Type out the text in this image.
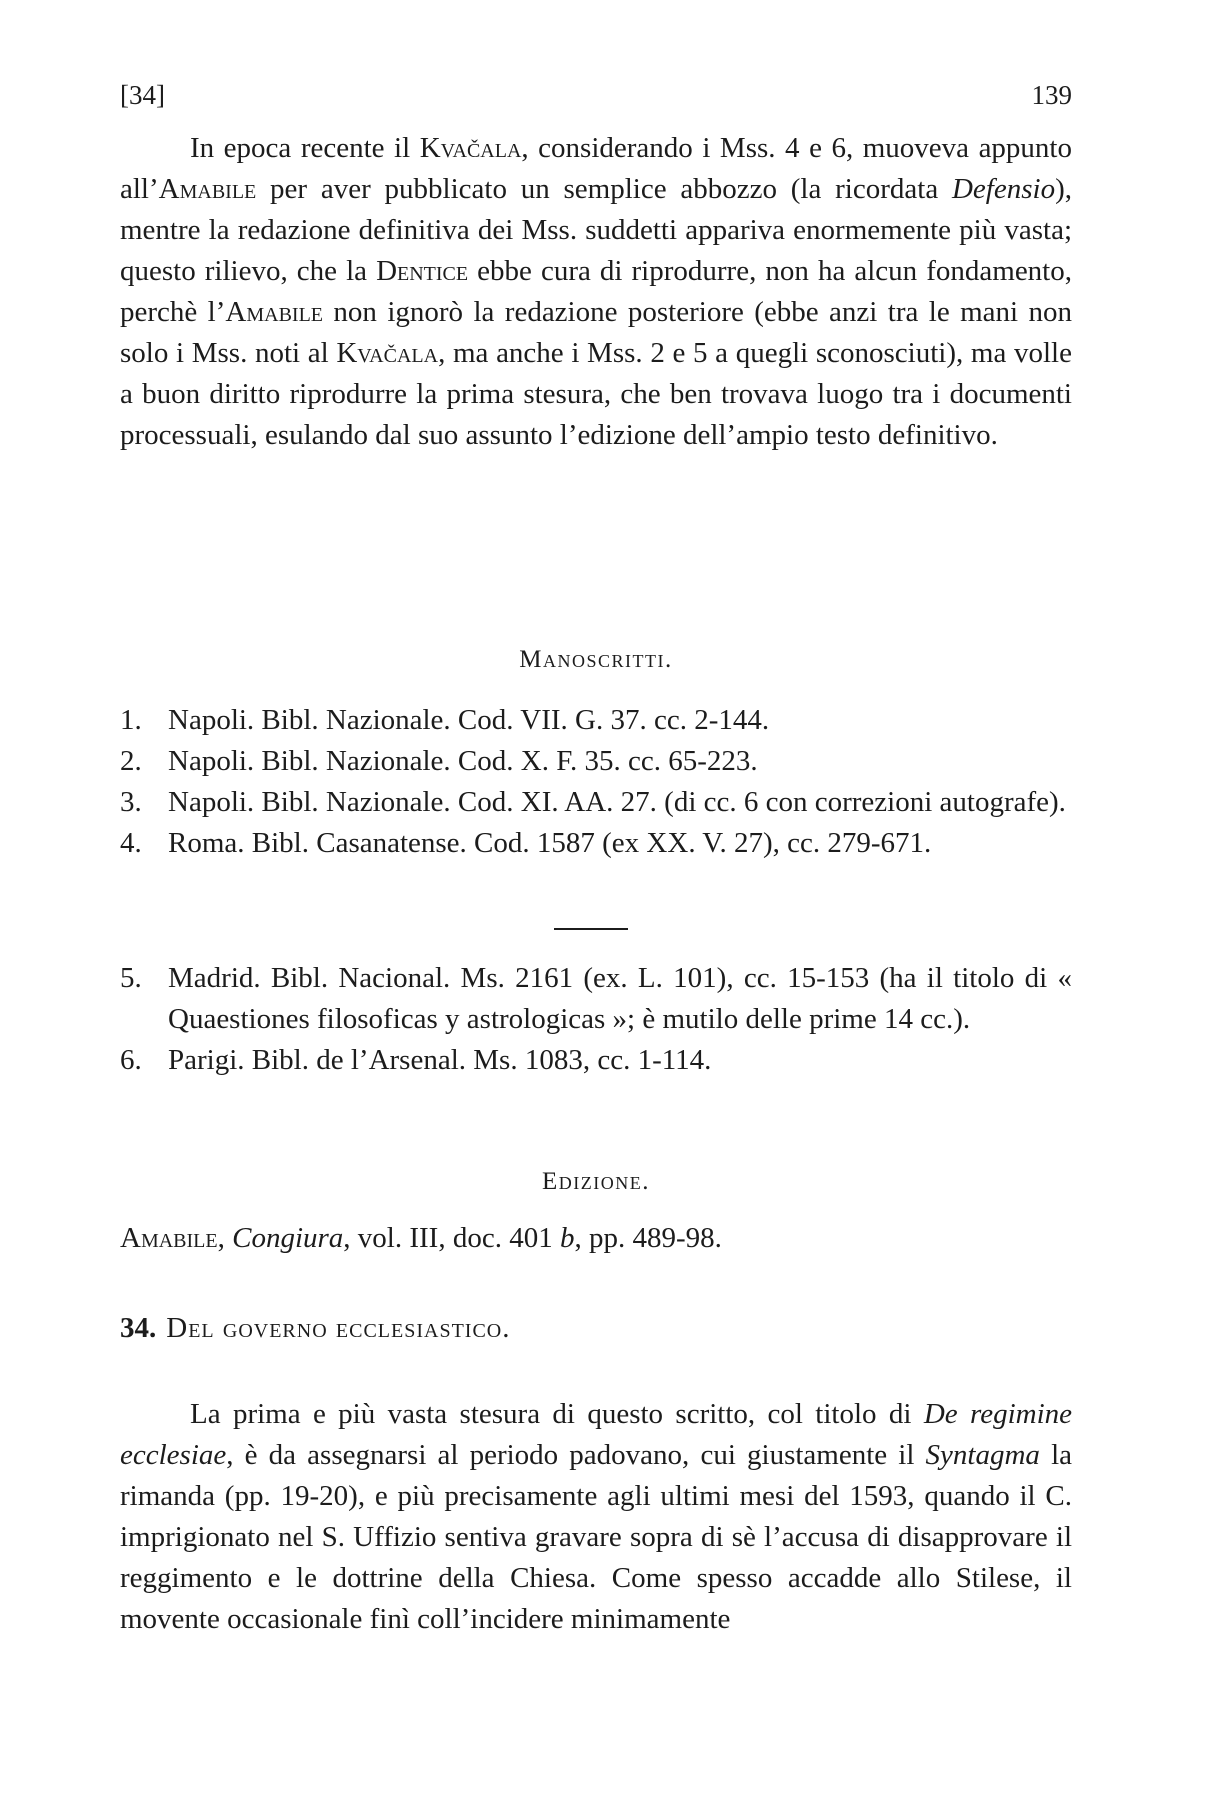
[34]	139

In epoca recente il Kvačala, considerando i Mss. 4 e 6, muoveva appunto all’Amabile per aver pubblicato un semplice abbozzo (la ricordata Defensio), mentre la redazione definitiva dei Mss. suddetti appariva enormemente più vasta; questo rilievo, che la Dentice ebbe cura di riprodurre, non ha alcun fondamento, perchè l’Amabile non ignorò la redazione posteriore (ebbe anzi tra le mani non solo i Mss. noti al Kvačala, ma anche i Mss. 2 e 5 a quegli sconosciuti), ma volle a buon diritto riprodurre la prima stesura, che ben trovava luogo tra i documenti processuali, esulando dal suo assunto l’edizione dell’ampio testo definitivo.

Manoscritti.
1. Napoli. Bibl. Nazionale. Cod. VII. G. 37. cc. 2-144.
2. Napoli. Bibl. Nazionale. Cod. X. F. 35. cc. 65-223.
3. Napoli. Bibl. Nazionale. Cod. XI. AA. 27. (di cc. 6 con correzioni autografe).
4. Roma. Bibl. Casanatense. Cod. 1587 (ex XX. V. 27), cc. 279-671.
5. Madrid. Bibl. Nacional. Ms. 2161 (ex. L. 101), cc. 15-153 (ha il titolo di « Quaestiones filosoficas y astrologicas »; è mutilo delle prime 14 cc.).
6. Parigi. Bibl. de l’Arsenal. Ms. 1083, cc. 1-114.
Edizione.
Amabile, Congiura, vol. III, doc. 401 b, pp. 489-98.
34. Del governo ecclesiastico.

La prima e più vasta stesura di questo scritto, col titolo di De regimine ecclesiae, è da assegnarsi al periodo padovano, cui giustamente il Syntagma la rimanda (pp. 19-20), e più precisamente agli ultimi mesi del 1593, quando il C. imprigionato nel S. Uffizio sentiva gravare sopra di sè l’accusa di disapprovare il reggimento e le dottrine della Chiesa. Come spesso accadde allo Stilese, il movente occasionale finì coll’incidere minimamente
